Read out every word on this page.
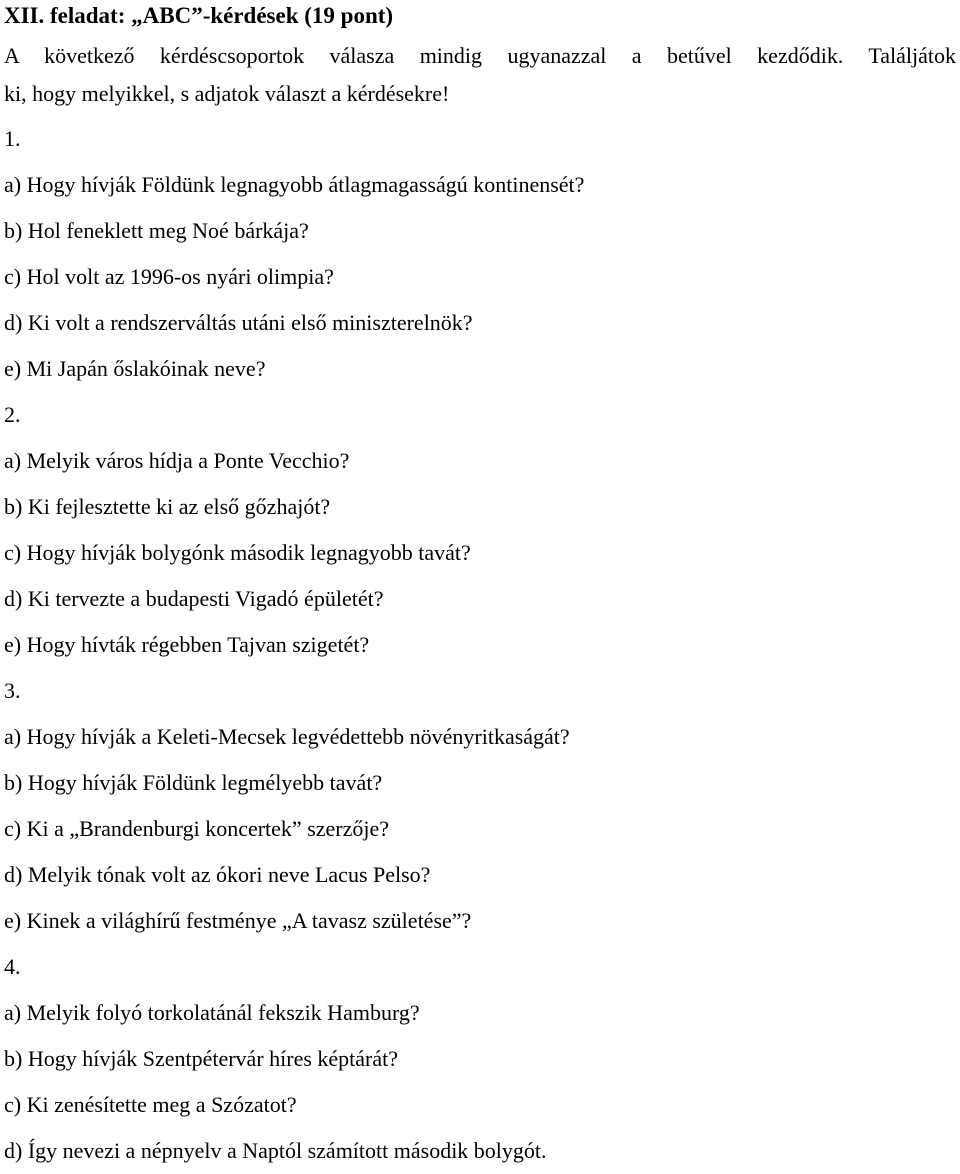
XII. feladat: „ABC”-kérdések (19 pont)

A következő kérdéscsoportok válasza mindig ugyanazzal a betűvel kezdődik. Találjátok
ki, hogy melyikkel, s adjatok választ a kérdésekre!

1.
a) Hogy hívják Földünk legnagyobb átlagmagasságú kontinensét?
b) Hol feneklett meg Noé bárkája?
c) Hol volt az 1996-os nyári olimpia?
d) Ki volt a rendszerváltás utáni első miniszterelnök?
e) Mi Japán őslakóinak neve?
2.
a) Melyik város hídja a Ponte Vecchio?
b) Ki fejlesztette ki az első gőzhajót?
c) Hogy hívják bolygónk második legnagyobb tavát?
d) Ki tervezte a budapesti Vigadó épületét?
e) Hogy hívták régebben Tajvan szigetét?
3.
a) Hogy hívják a Keleti-Mecsek legvédettebb növényritkaságát?
b) Hogy hívják Földünk legmélyebb tavát?
c) Ki a „Brandenburgi koncertek” szerzője?
d) Melyik tónak volt az ókori neve Lacus Pelso?
e) Kinek a világhírű festménye „A tavasz születése”?
4.
a) Melyik folyó torkolatánál fekszik Hamburg?
b) Hogy hívják Szentpétervár híres képtárát?
c) Ki zenésítette meg a Szózatot?
d) Így nevezi a népnyelv a Naptól számított második bolygót.
